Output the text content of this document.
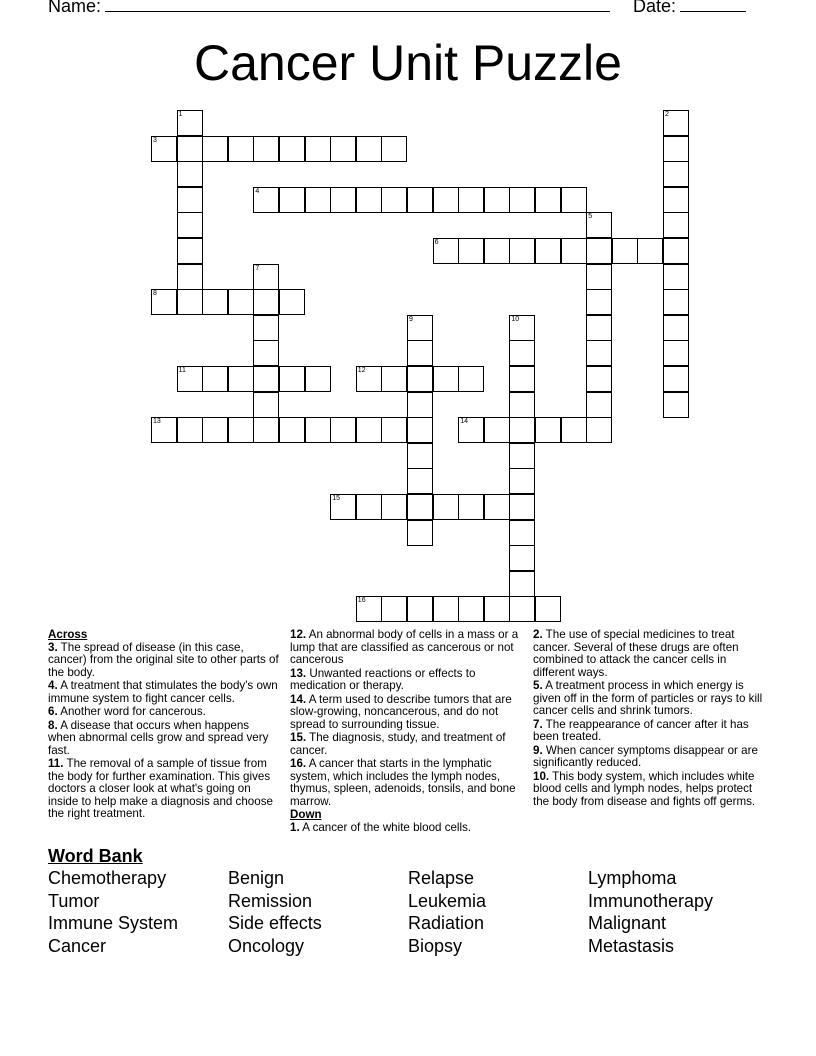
Name:	Date:
Cancer Unit Puzzle
1	2
3
4
5
6
7
8
9	10
11	12
13	14
15
16
Across
3. The spread of disease (in this case, cancer) from the original site to other parts of the body.
4. A treatment that stimulates the body's own immune system to fight cancer cells.
6. Another word for cancerous.
8. A disease that occurs when happens when abnormal cells grow and spread very fast.
11. The removal of a sample of tissue from the body for further examination. This gives doctors a closer look at what's going on inside to help make a diagnosis and choose the right treatment.
12. An abnormal body of cells in a mass or a lump that are classified as cancerous or not cancerous
13. Unwanted reactions or effects to medication or therapy.
14. A term used to describe tumors that are slow-growing, noncancerous, and do not spread to surrounding tissue.
15. The diagnosis, study, and treatment of cancer.
16. A cancer that starts in the lymphatic system, which includes the lymph nodes, thymus, spleen, adenoids, tonsils, and bone marrow.
Down
1. A cancer of the white blood cells.
2. The use of special medicines to treat cancer. Several of these drugs are often combined to attack the cancer cells in different ways.
5. A treatment process in which energy is given off in the form of particles or rays to kill cancer cells and shrink tumors.
7. The reappearance of cancer after it has been treated.
9. When cancer symptoms disappear or are significantly reduced.
10. This body system, which includes white blood cells and lymph nodes, helps protect the body from disease and fights off germs.
Word Bank
Chemotherapy	Benign	Relapse	Lymphoma
Tumor	Remission	Leukemia	Immunotherapy
Immune System	Side effects	Radiation	Malignant
Cancer	Oncology	Biopsy	Metastasis
